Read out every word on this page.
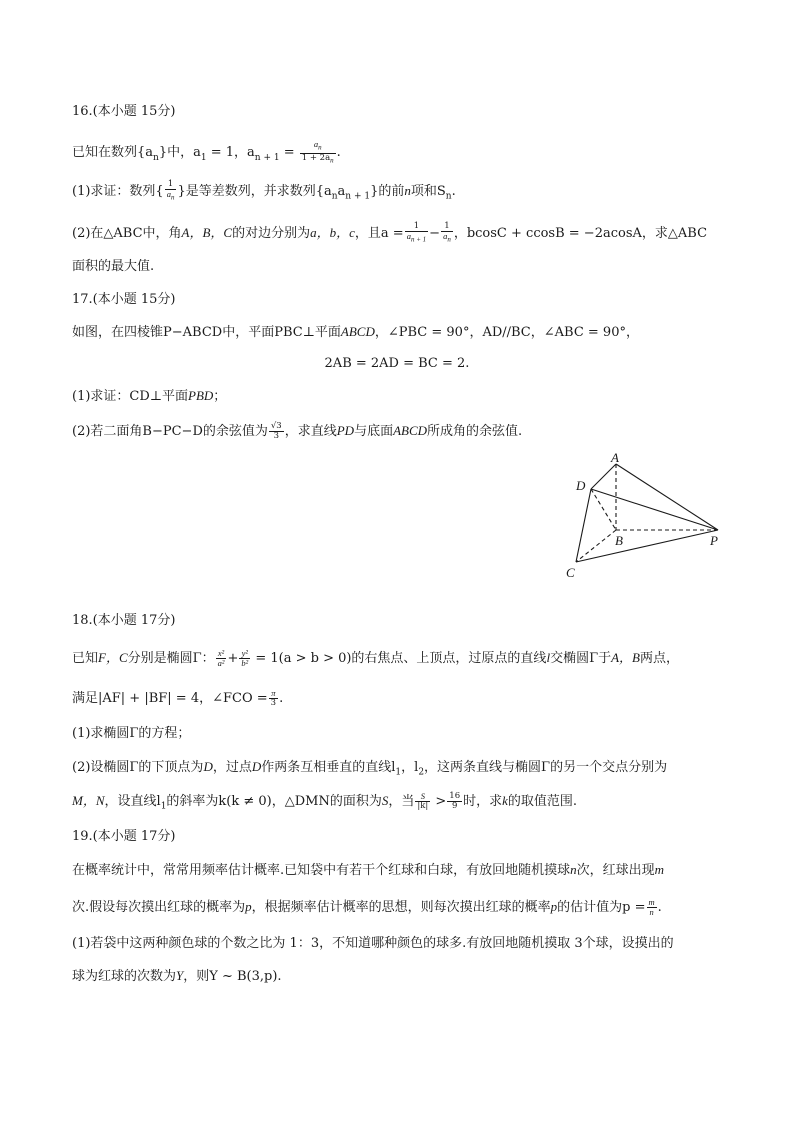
16.(本小题 15分)
已知在数列$\{a_n\}$中，$a_1 = 1$，$a_{n + 1} = \frac{a_n}{1 + 2a_n}$ .
(1)求证：数列{ $\frac{1}{a_n}$ }是等差数列，并求数列$\{a_na_{n + 1}\}$的前n项和$S_n$.
(2)在△ABC中，角A，B，C的对边分别为a，b，c，且$a = \frac{1}{a_{n + 1}} - \frac{1}{a_n}$ ，bcosC + ccosB = −2acosA，求△ABC
面积的最大值.
17.(本小题 15分)
如图，在四棱锥P−ABCD中，平面PBC⊥平面ABCD，∠PBC = 90°，AD//BC，∠ABC = 90°，
2AB = 2AD = BC = 2.
(1)求证：CD⊥平面PBD；
(2)若二面角B−PC−D的余弦值为 $\frac{√3}{3}$ ，求直线PD与底面ABCD所成角的余弦值.
A
D
B	P
C
18.(本小题 17分)
已知F，C分别是椭圆Γ： $\frac{\text{x²}}{\text{a²}} + \frac{\text{y²}}{\text{b²}} = 1(a > b > 0)$的右焦点、上顶点，过原点的直线l交椭圆Γ于A，B两点，
满足|AF| + |BF| = 4，∠FCO = $\frac{\pi}{3}$ .
(1)求椭圆Γ的方程；
(2)设椭圆Γ的下顶点为D，过点D作两条互相垂直的直线$l_1$，$l_2$，这两条直线与椭圆Γ的另一个交点分别为
M，N，设直线$l_1$的斜率为k(k ≠ 0)，△DMN的面积为S，当 $\frac{S}{|k|} > \frac{16}{9}$ 时，求k的取值范围.
19.(本小题 17分)
在概率统计中，常常用频率估计概率.已知袋中有若干个红球和白球，有放回地随机摸球n次，红球出现m
次.假设每次摸出红球的概率为p，根据频率估计概率的思想，则每次摸出红球的概率p的估计值为$p = \frac{m}{n}$ .
(1)若袋中这两种颜色球的个数之比为 1：3，不知道哪种颜色的球多.有放回地随机摸取 3个球，设摸出的
球为红球的次数为Y，则Y ~ B(3,p).
